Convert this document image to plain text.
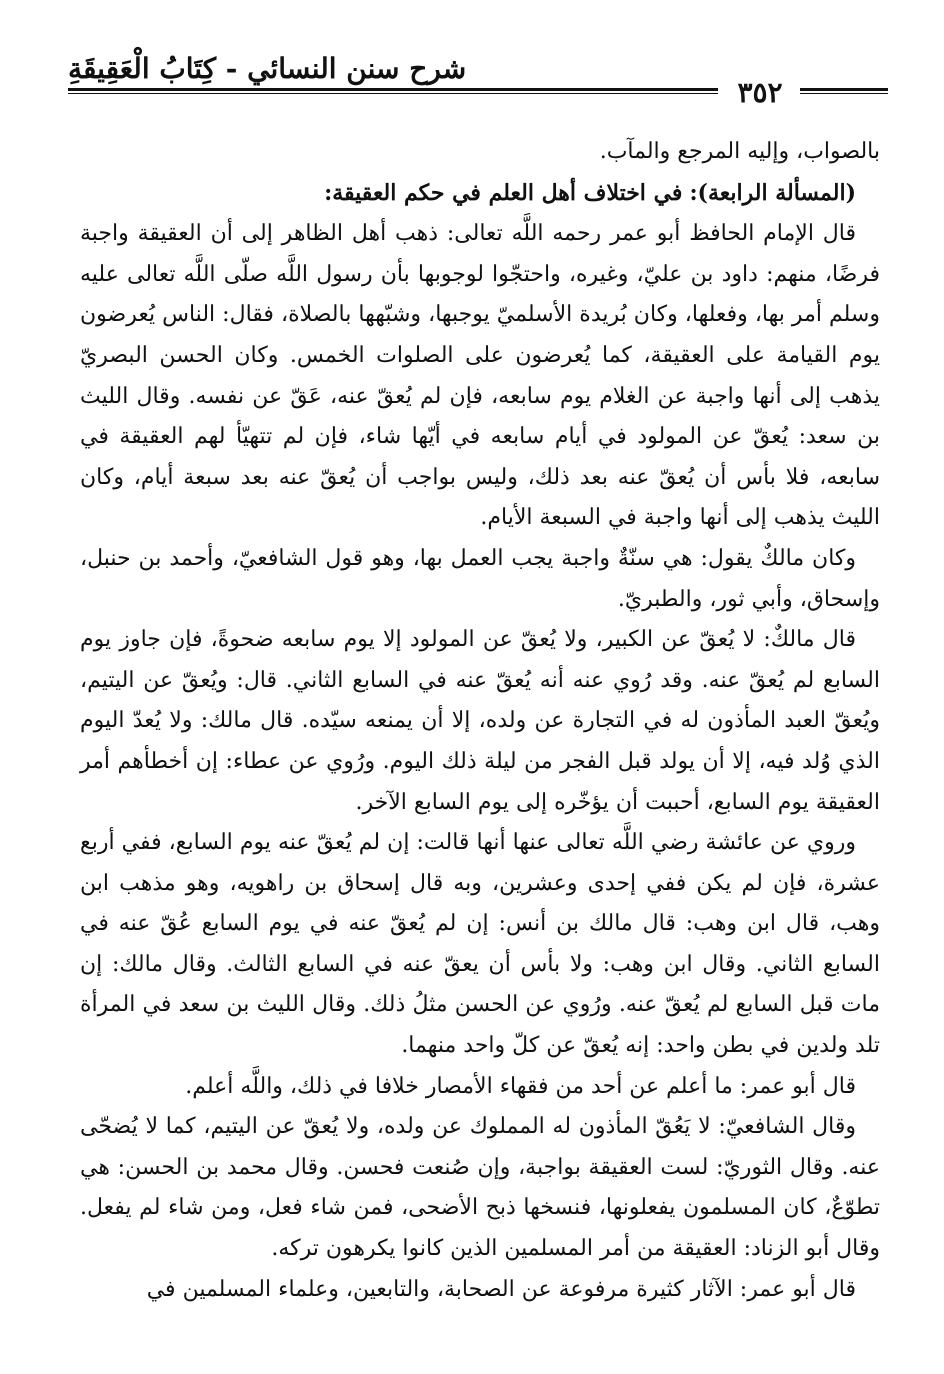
شرح سنن النسائي - كِتَابُ الْعَقِيقَةِ
٣٥٢

بالصواب، وإليه المرجع والمآب.

(المسألة الرابعة): في اختلاف أهل العلم في حكم العقيقة:

قال الإمام الحافظ أبو عمر رحمه اللَّه تعالى: ذهب أهل الظاهر إلى أن العقيقة واجبة فرضًا، منهم: داود بن عليّ، وغيره، واحتجّوا لوجوبها بأن رسول اللَّه صلّى اللَّه تعالى عليه وسلم أمر بها، وفعلها، وكان بُريدة الأسلميّ يوجبها، وشبّهها بالصلاة، فقال: الناس يُعرضون يوم القيامة على العقيقة، كما يُعرضون على الصلوات الخمس. وكان الحسن البصريّ يذهب إلى أنها واجبة عن الغلام يوم سابعه، فإن لم يُعقّ عنه، عَقّ عن نفسه. وقال الليث بن سعد: يُعقّ عن المولود في أيام سابعه في أيّها شاء، فإن لم تتهيّأ لهم العقيقة في سابعه، فلا بأس أن يُعقّ عنه بعد ذلك، وليس بواجب أن يُعقّ عنه بعد سبعة أيام، وكان الليث يذهب إلى أنها واجبة في السبعة الأيام.

وكان مالكٌ يقول: هي سنّةٌ واجبة يجب العمل بها، وهو قول الشافعيّ، وأحمد بن حنبل، وإسحاق، وأبي ثور، والطبريّ.

قال مالكٌ: لا يُعقّ عن الكبير، ولا يُعقّ عن المولود إلا يوم سابعه ضحوةً، فإن جاوز يوم السابع لم يُعقّ عنه. وقد رُوي عنه أنه يُعقّ عنه في السابع الثاني. قال: ويُعقّ عن اليتيم، ويُعقّ العبد المأذون له في التجارة عن ولده، إلا أن يمنعه سيّده. قال مالك: ولا يُعدّ اليوم الذي وُلد فيه، إلا أن يولد قبل الفجر من ليلة ذلك اليوم. ورُوي عن عطاء: إن أخطأهم أمر العقيقة يوم السابع، أحببت أن يؤخّره إلى يوم السابع الآخر.

وروي عن عائشة رضي اللَّه تعالى عنها أنها قالت: إن لم يُعقّ عنه يوم السابع، ففي أربع عشرة، فإن لم يكن ففي إحدى وعشرين، وبه قال إسحاق بن راهويه، وهو مذهب ابن وهب، قال ابن وهب: قال مالك بن أنس: إن لم يُعقّ عنه في يوم السابع عُقّ عنه في السابع الثاني. وقال ابن وهب: ولا بأس أن يعقّ عنه في السابع الثالث. وقال مالك: إن مات قبل السابع لم يُعقّ عنه. ورُوي عن الحسن مثلُ ذلك. وقال الليث بن سعد في المرأة تلد ولدين في بطن واحد: إنه يُعقّ عن كلّ واحد منهما.

قال أبو عمر: ما أعلم عن أحد من فقهاء الأمصار خلافا في ذلك، واللَّه أعلم.

وقال الشافعيّ: لا يَعُقّ المأذون له المملوك عن ولده، ولا يُعقّ عن اليتيم، كما لا يُضحّى عنه. وقال الثوريّ: لست العقيقة بواجبة، وإن صُنعت فحسن. وقال محمد بن الحسن: هي تطوّعٌ، كان المسلمون يفعلونها، فنسخها ذبح الأضحى، فمن شاء فعل، ومن شاء لم يفعل. وقال أبو الزناد: العقيقة من أمر المسلمين الذين كانوا يكرهون تركه.

قال أبو عمر: الآثار كثيرة مرفوعة عن الصحابة، والتابعين، وعلماء المسلمين في
